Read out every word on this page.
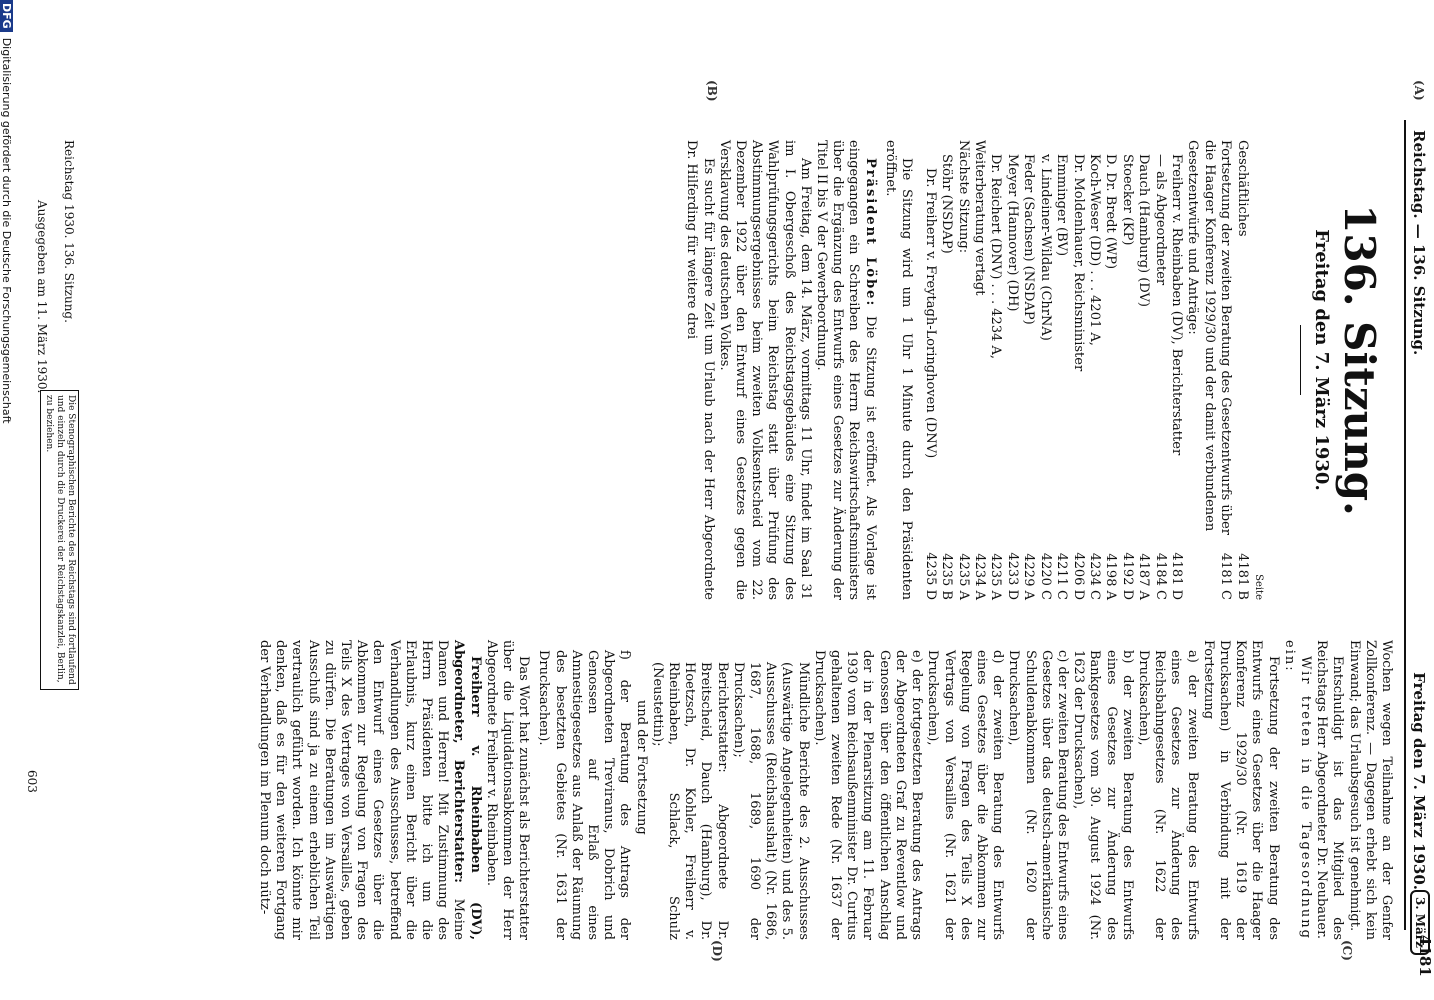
Reichstag. — 136. Sitzung.
Freitag den 7. März 1930.
3. März
4181
(A)
(B)
(C)
(D)
136. Sitzung.
Freitag den 7. März 1930.
Seite
Geschäftliches
4181 B
Fortsetzung der zweiten Beratung des Gesetzentwurfs über die Haager Konferenz 1929/30 und der damit verbundenen Gesetzentwürfe und Anträge:
4181 C
Freiherr v. Rheinbaben (DV), Berichterstatter
4181 D
— als Abgeordneter
4184 C
Dauch (Hamburg) (DV)
4187 A
Stoecker (KP)
4192 D
D. Dr. Bredt (WP)
4198 A
Koch-Weser (DD) . . . 4201 A,
4234 C
Dr. Moldenhauer, Reichsminister
4206 D
Emminger (BV)
4211 C
v. Lindeiner-Wildau (ChrNA)
4220 C
Feder (Sachsen) (NSDAP)
4229 A
Meyer (Hannover) (DH)
4233 D
Dr. Reichert (DNV) . . . 4234 A,
4235 A
Weiterberatung vertagt
4234 A
Nächste Sitzung:
4235 A
Stöhr (NSDAP)
4235 B
Dr. Freiherr v. Freytagh-Loringhoven (DNV)
4235 D

Die Sitzung wird um 1 Uhr 1 Minute durch den Präsidenten eröffnet.

Präsident Löbe: Die Sitzung ist eröffnet. Als Vorlage ist eingegangen ein Schreiben des Herrn Reichswirtschaftsministers über die Ergänzung des Entwurfs eines Gesetzes zur Änderung der Titel II bis V der Gewerbeordnung.

Am Freitag, dem 14. März, vormittags 11 Uhr, findet im Saal 31 im I. Obergeschoß des Reichstagsgebäudes eine Sitzung des Wahlprüfungsgerichts beim Reichstag statt über Prüfung des Abstimmungsergebnisses beim zweiten Volksentscheid vom 22. Dezember 1922 über den Entwurf eines Gesetzes gegen die Versklavung des deutschen Volkes.

Es sucht für längere Zeit um Urlaub nach der Herr Abgeordnete Dr. Hilferding für weitere drei

Reichstag 1930. 136. Sitzung.
Ausgegeben am 11. März 1930.
Die Stenographischen Berichte des Reichstags sind fortlaufend und einzeln durch die Druckerei der Reichstagskanzlei, Berlin, zu beziehen.

Wochen wegen Teilnahme an der Genfer Zollkonferenz. — Dagegen erhebt sich kein Einwand; das Urlaubsgesuch ist genehmigt.

Entschuldigt ist das Mitglied des Reichstags Herr Abgeordneter Dr. Neubauer.

Wir treten in die Tagesordnung ein:

Fortsetzung der zweiten Beratung des Entwurfs eines Gesetzes über die Haager Konferenz 1929/30 (Nr. 1619 der Drucksachen) in Verbindung mit der Fortsetzung

a) der zweiten Beratung des Entwurfs eines Gesetzes zur Änderung des Reichsbahngesetzes (Nr. 1622 der Drucksachen),

b) der zweiten Beratung des Entwurfs eines Gesetzes zur Änderung des Bankgesetzes vom 30. August 1924 (Nr. 1623 der Drucksachen),

c) der zweiten Beratung des Entwurfs eines Gesetzes über das deutsch-amerikanische Schuldenabkommen (Nr. 1620 der Drucksachen),

d) der zweiten Beratung des Entwurfs eines Gesetzes über die Abkommen zur Regelung von Fragen des Teils X des Vertrags von Versailles (Nr. 1621 der Drucksachen),

e) der fortgesetzten Beratung des Antrags der Abgeordneten Graf zu Reventlow und Genossen über den öffentlichen Anschlag der in der Plenarsitzung am 11. Februar 1930 vom Reichsaußenminister Dr. Curtius gehaltenen zweiten Rede (Nr. 1637 der Drucksachen).

Mündliche Berichte des 2. Ausschusses (Auswärtige Angelegenheiten) und des 5. Ausschusses (Reichshaushalt) (Nr. 1686, 1687, 1688, 1689, 1690 der Drucksachen);

Berichterstatter: Abgeordnete Dr. Breitscheid, Dauch (Hamburg), Dr. Hoetzsch, Dr. Kohler, Freiherr v. Rheinbaben, Schlack, Schulz (Neustettin);

und der Fortsetzung

f) der Beratung des Antrags der Abgeordneten Treviranus, Dobrich und Genossen auf Erlaß eines Amnestiegesetzes aus Anlaß der Räumung des besetzten Gebietes (Nr. 1631 der Drucksachen).

Das Wort hat zunächst als Berichterstatter über die Liquidationsabkommen der Herr Abgeordnete Freiherr v. Rheinbaben.

Freiherr v. Rheinbaben (DV), Abgeordneter, Berichterstatter: Meine Damen und Herren! Mit Zustimmung des Herrn Präsidenten bitte ich um die Erlaubnis, kurz einen Bericht über die Verhandlungen des Ausschusses, betreffend den Entwurf eines Gesetzes über die Abkommen zur Regelung von Fragen des Teils X des Vertrages von Versailles, geben zu dürfen. Die Beratungen im Auswärtigen Ausschuß sind ja zu einem erheblichen Teil vertraulich geführt worden. Ich könnte mir denken, daß es für den weiteren Fortgang der Verhandlungen im Plenum doch nütz-

603
DFGDigitalisierung gefördert durch die Deutsche Forschungsgemeinschaft
